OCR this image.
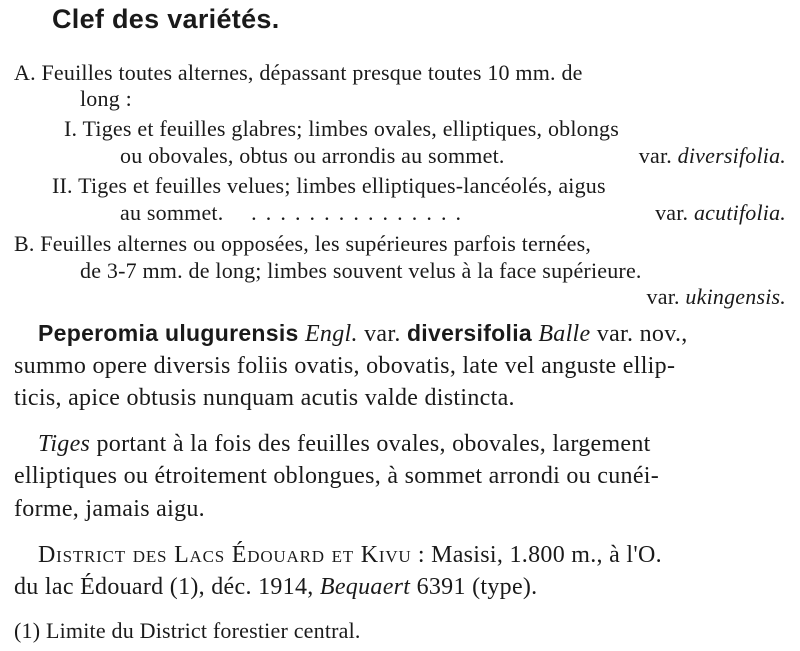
Clef des variétés.
A. Feuilles toutes alternes, dépassant presque toutes 10 mm. de
long :
I. Tiges et feuilles glabres; limbes ovales, elliptiques, oblongs
ou obovales, obtus ou arrondis au sommet.	var. diversifolia.
II. Tiges et feuilles velues; limbes elliptiques-lancéolés, aigus
au sommet. . . . . . . . . . . . . . . .	var. acutifolia.
B. Feuilles alternes ou opposées, les supérieures parfois ternées,
de 3-7 mm. de long; limbes souvent velus à la face supérieure.
var. ukingensis.
Peperomia ulugurensis Engl. var. diversifolia Balle var. nov.,
summo opere diversis foliis ovatis, obovatis, late vel anguste ellip-
ticis, apice obtusis nunquam acutis valde distincta.
Tiges portant à la fois des feuilles ovales, obovales, largement
elliptiques ou étroitement oblongues, à sommet arrondi ou cunéi-
forme, jamais aigu.
District des Lacs Édouard et Kivu : Masisi, 1.800 m., à l'O.
du lac Édouard (1), déc. 1914, Bequaert 6391 (type).
(1) Limite du District forestier central.
